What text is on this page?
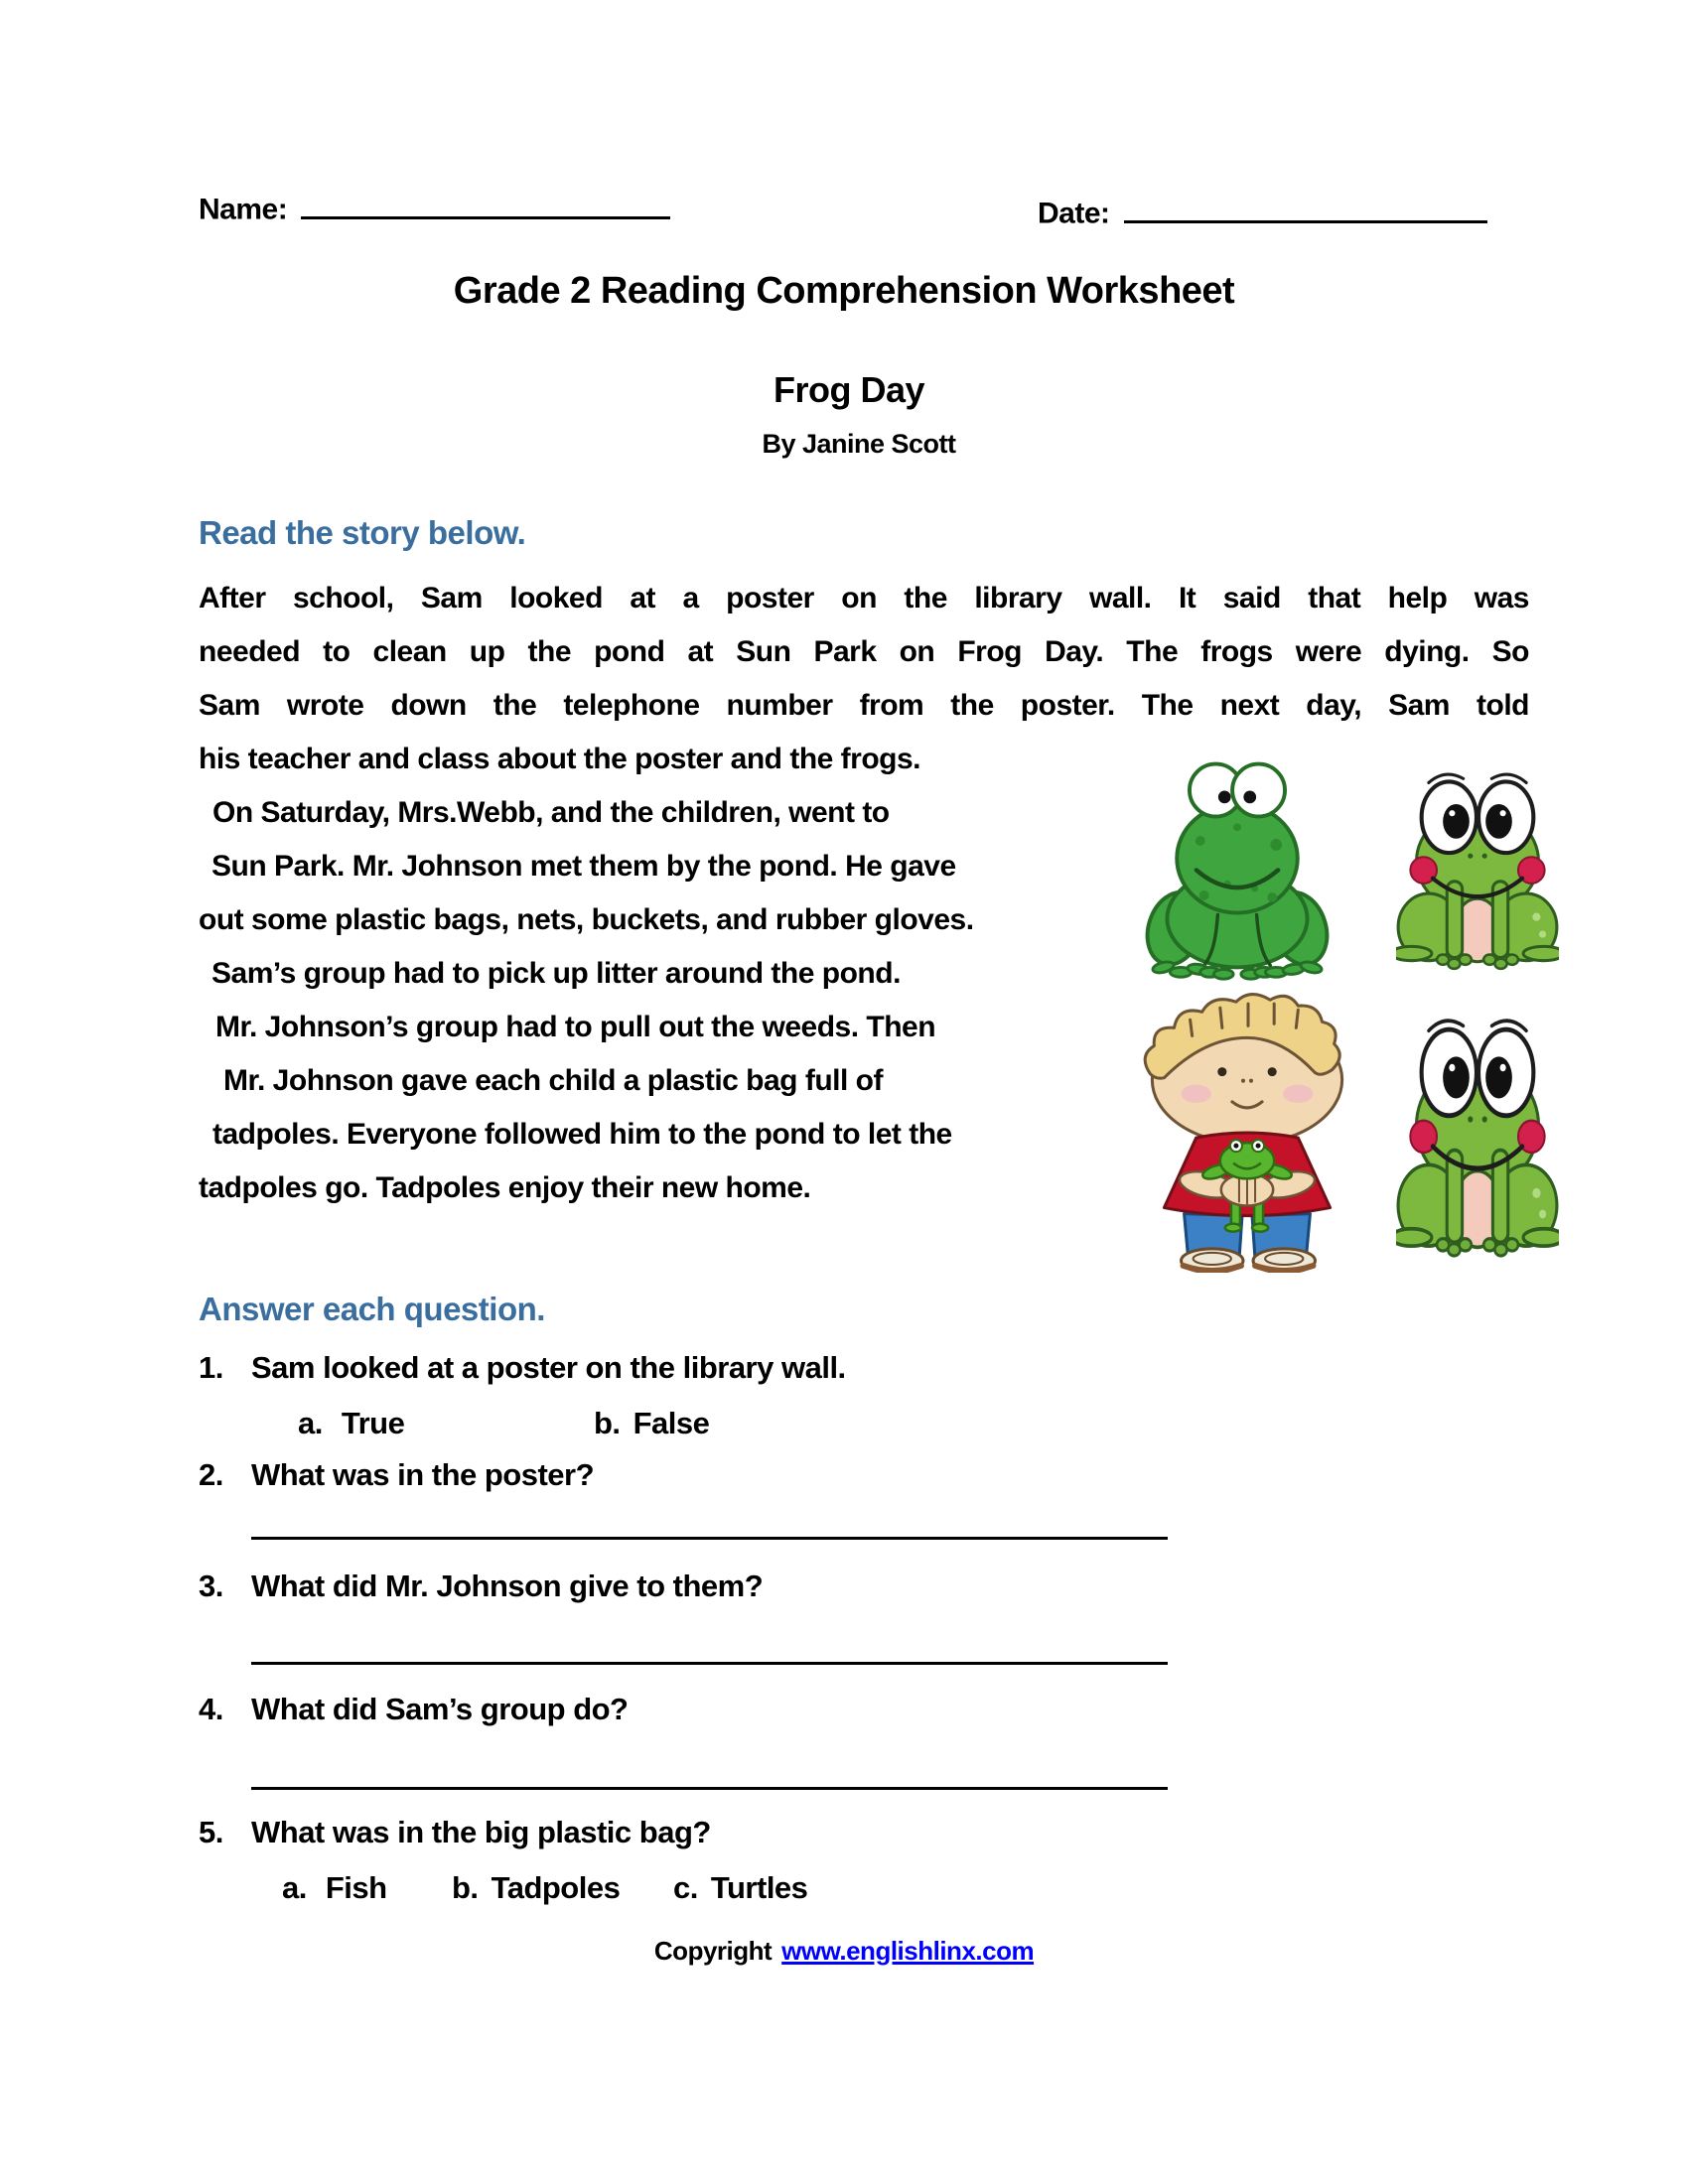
Name:	Date:
Grade 2 Reading Comprehension Worksheet
Frog Day
By Janine Scott
Read the story below.
After school, Sam looked at a poster on the library wall. It said that help was
needed to clean up the pond at Sun Park on Frog Day. The frogs were dying. So
Sam wrote down the telephone number from the poster. The next day, Sam told
his teacher and class about the poster and the frogs.
On Saturday, Mrs.Webb, and the children, went to
Sun Park. Mr. Johnson met them by the pond. He gave
out some plastic bags, nets, buckets, and rubber gloves.
Sam’s group had to pick up litter around the pond.
Mr. Johnson’s group had to pull out the weeds. Then
Mr. Johnson gave each child a plastic bag full of
tadpoles. Everyone followed him to the pond to let the
tadpoles go. Tadpoles enjoy their new home.
Answer each question.
1. Sam looked at a poster on the library wall.
a. True	b. False
2. What was in the poster?
3. What did Mr. Johnson give to them?
4. What did Sam’s group do?
5. What was in the big plastic bag?
a. Fish b. Tadpoles c. Turtles
Copyright www.englishlinx.com
